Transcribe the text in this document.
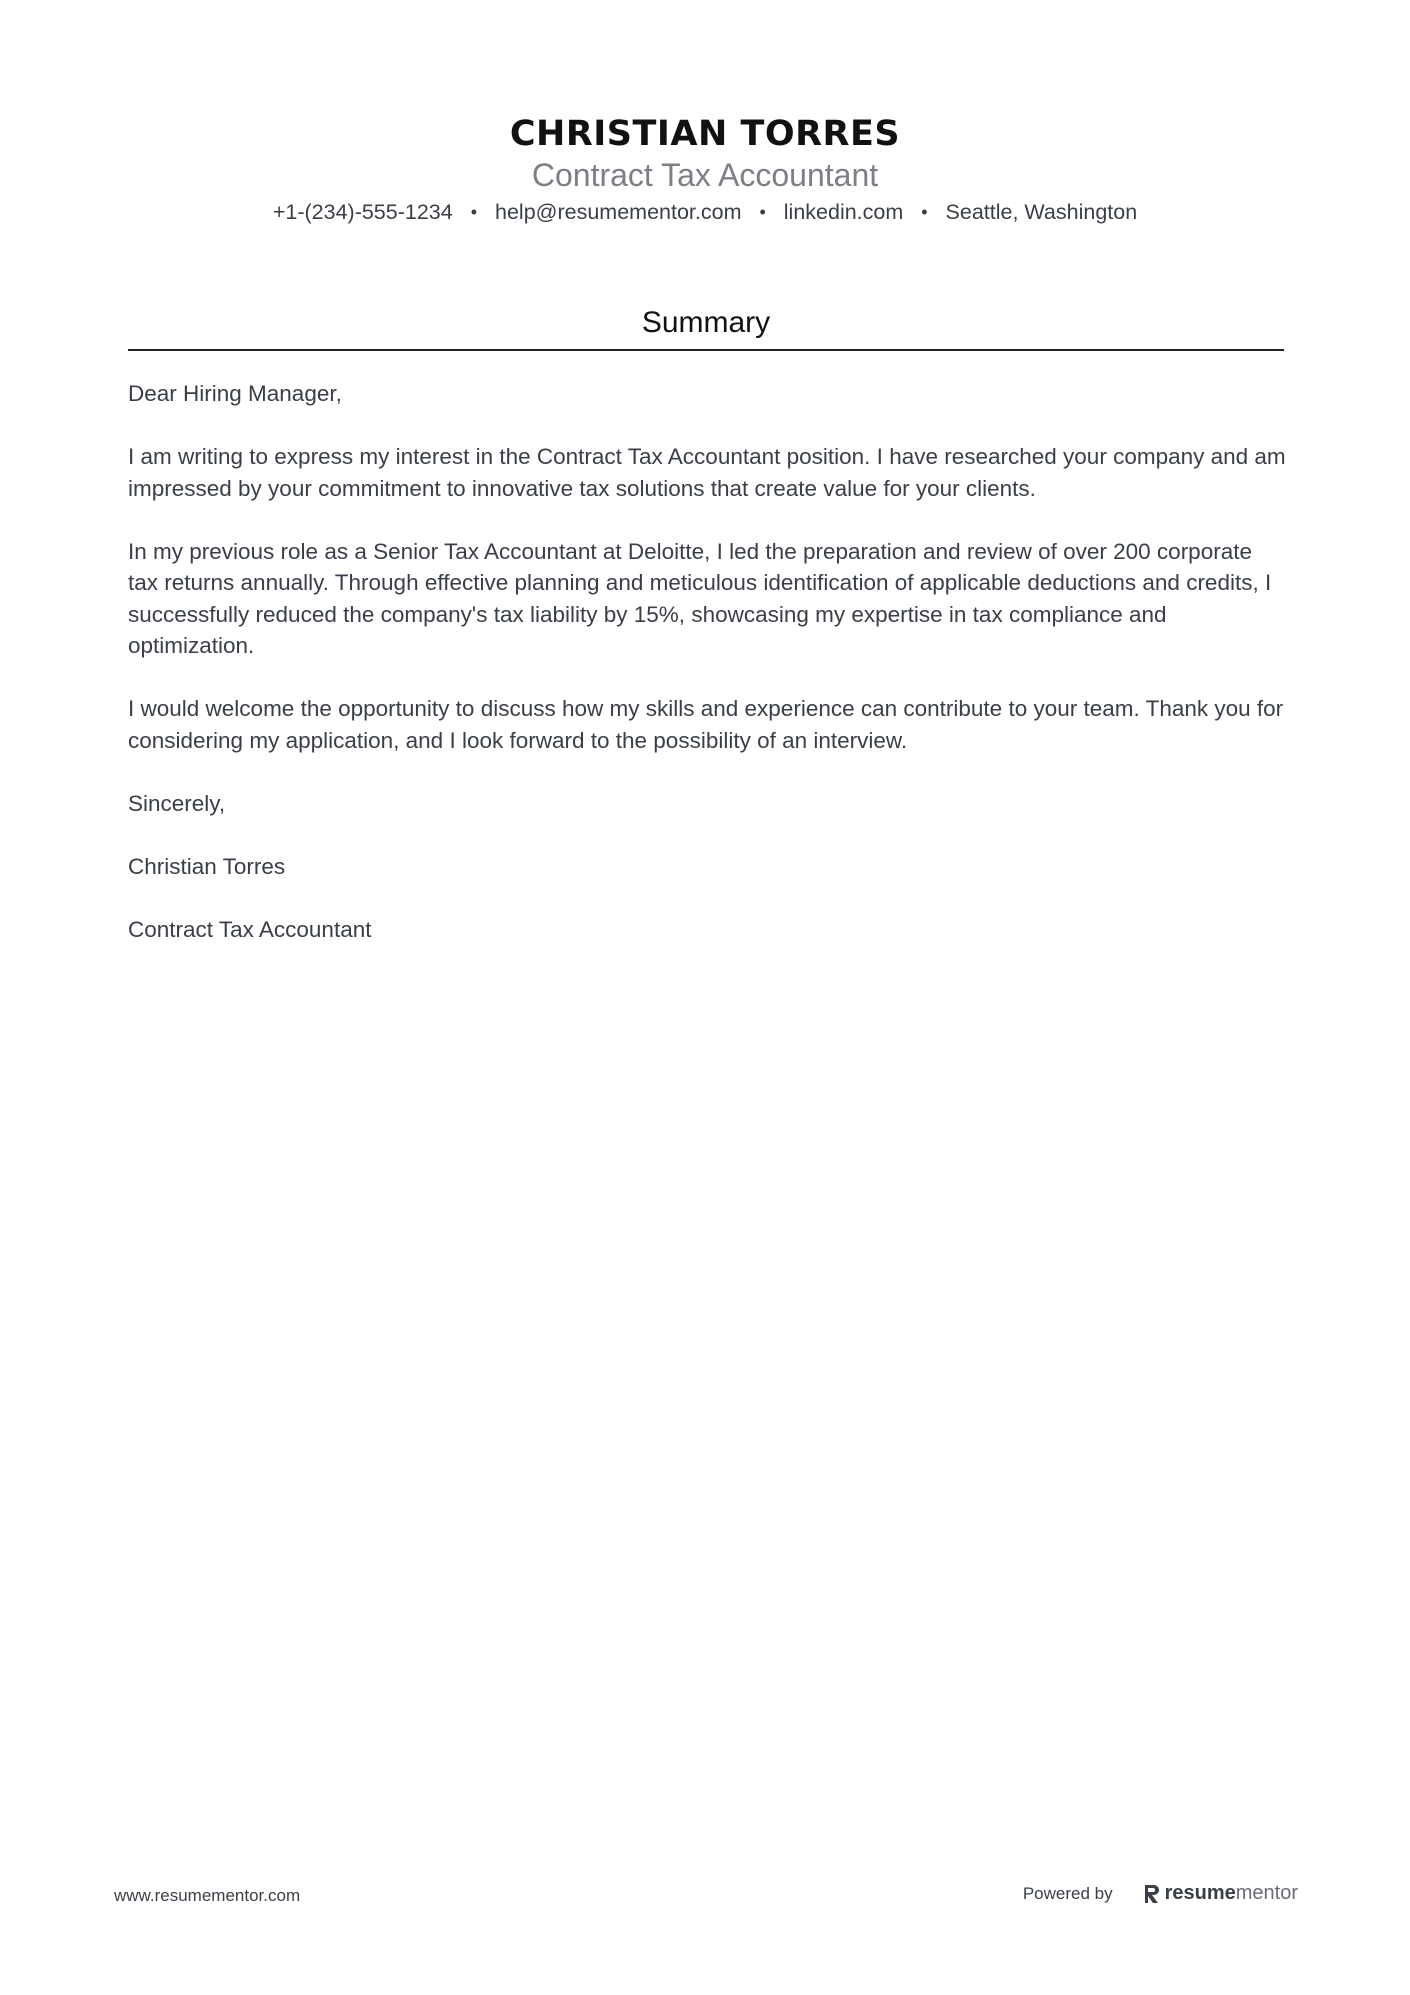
CHRISTIAN TORRES
Contract Tax Accountant
+1-(234)-555-1234 • help@resumementor.com • linkedin.com • Seattle, Washington
Summary

Dear Hiring Manager,

I am writing to express my interest in the Contract Tax Accountant position. I have researched your company and am impressed by your commitment to innovative tax solutions that create value for your clients.

In my previous role as a Senior Tax Accountant at Deloitte, I led the preparation and review of over 200 corporate tax returns annually. Through effective planning and meticulous identification of applicable deductions and credits, I successfully reduced the company's tax liability by 15%, showcasing my expertise in tax compliance and optimization.

I would welcome the opportunity to discuss how my skills and experience can contribute to your team. Thank you for considering my application, and I look forward to the possibility of an interview.

Sincerely,

Christian Torres

Contract Tax Accountant

www.resumementor.com	Powered by	resume mentor
